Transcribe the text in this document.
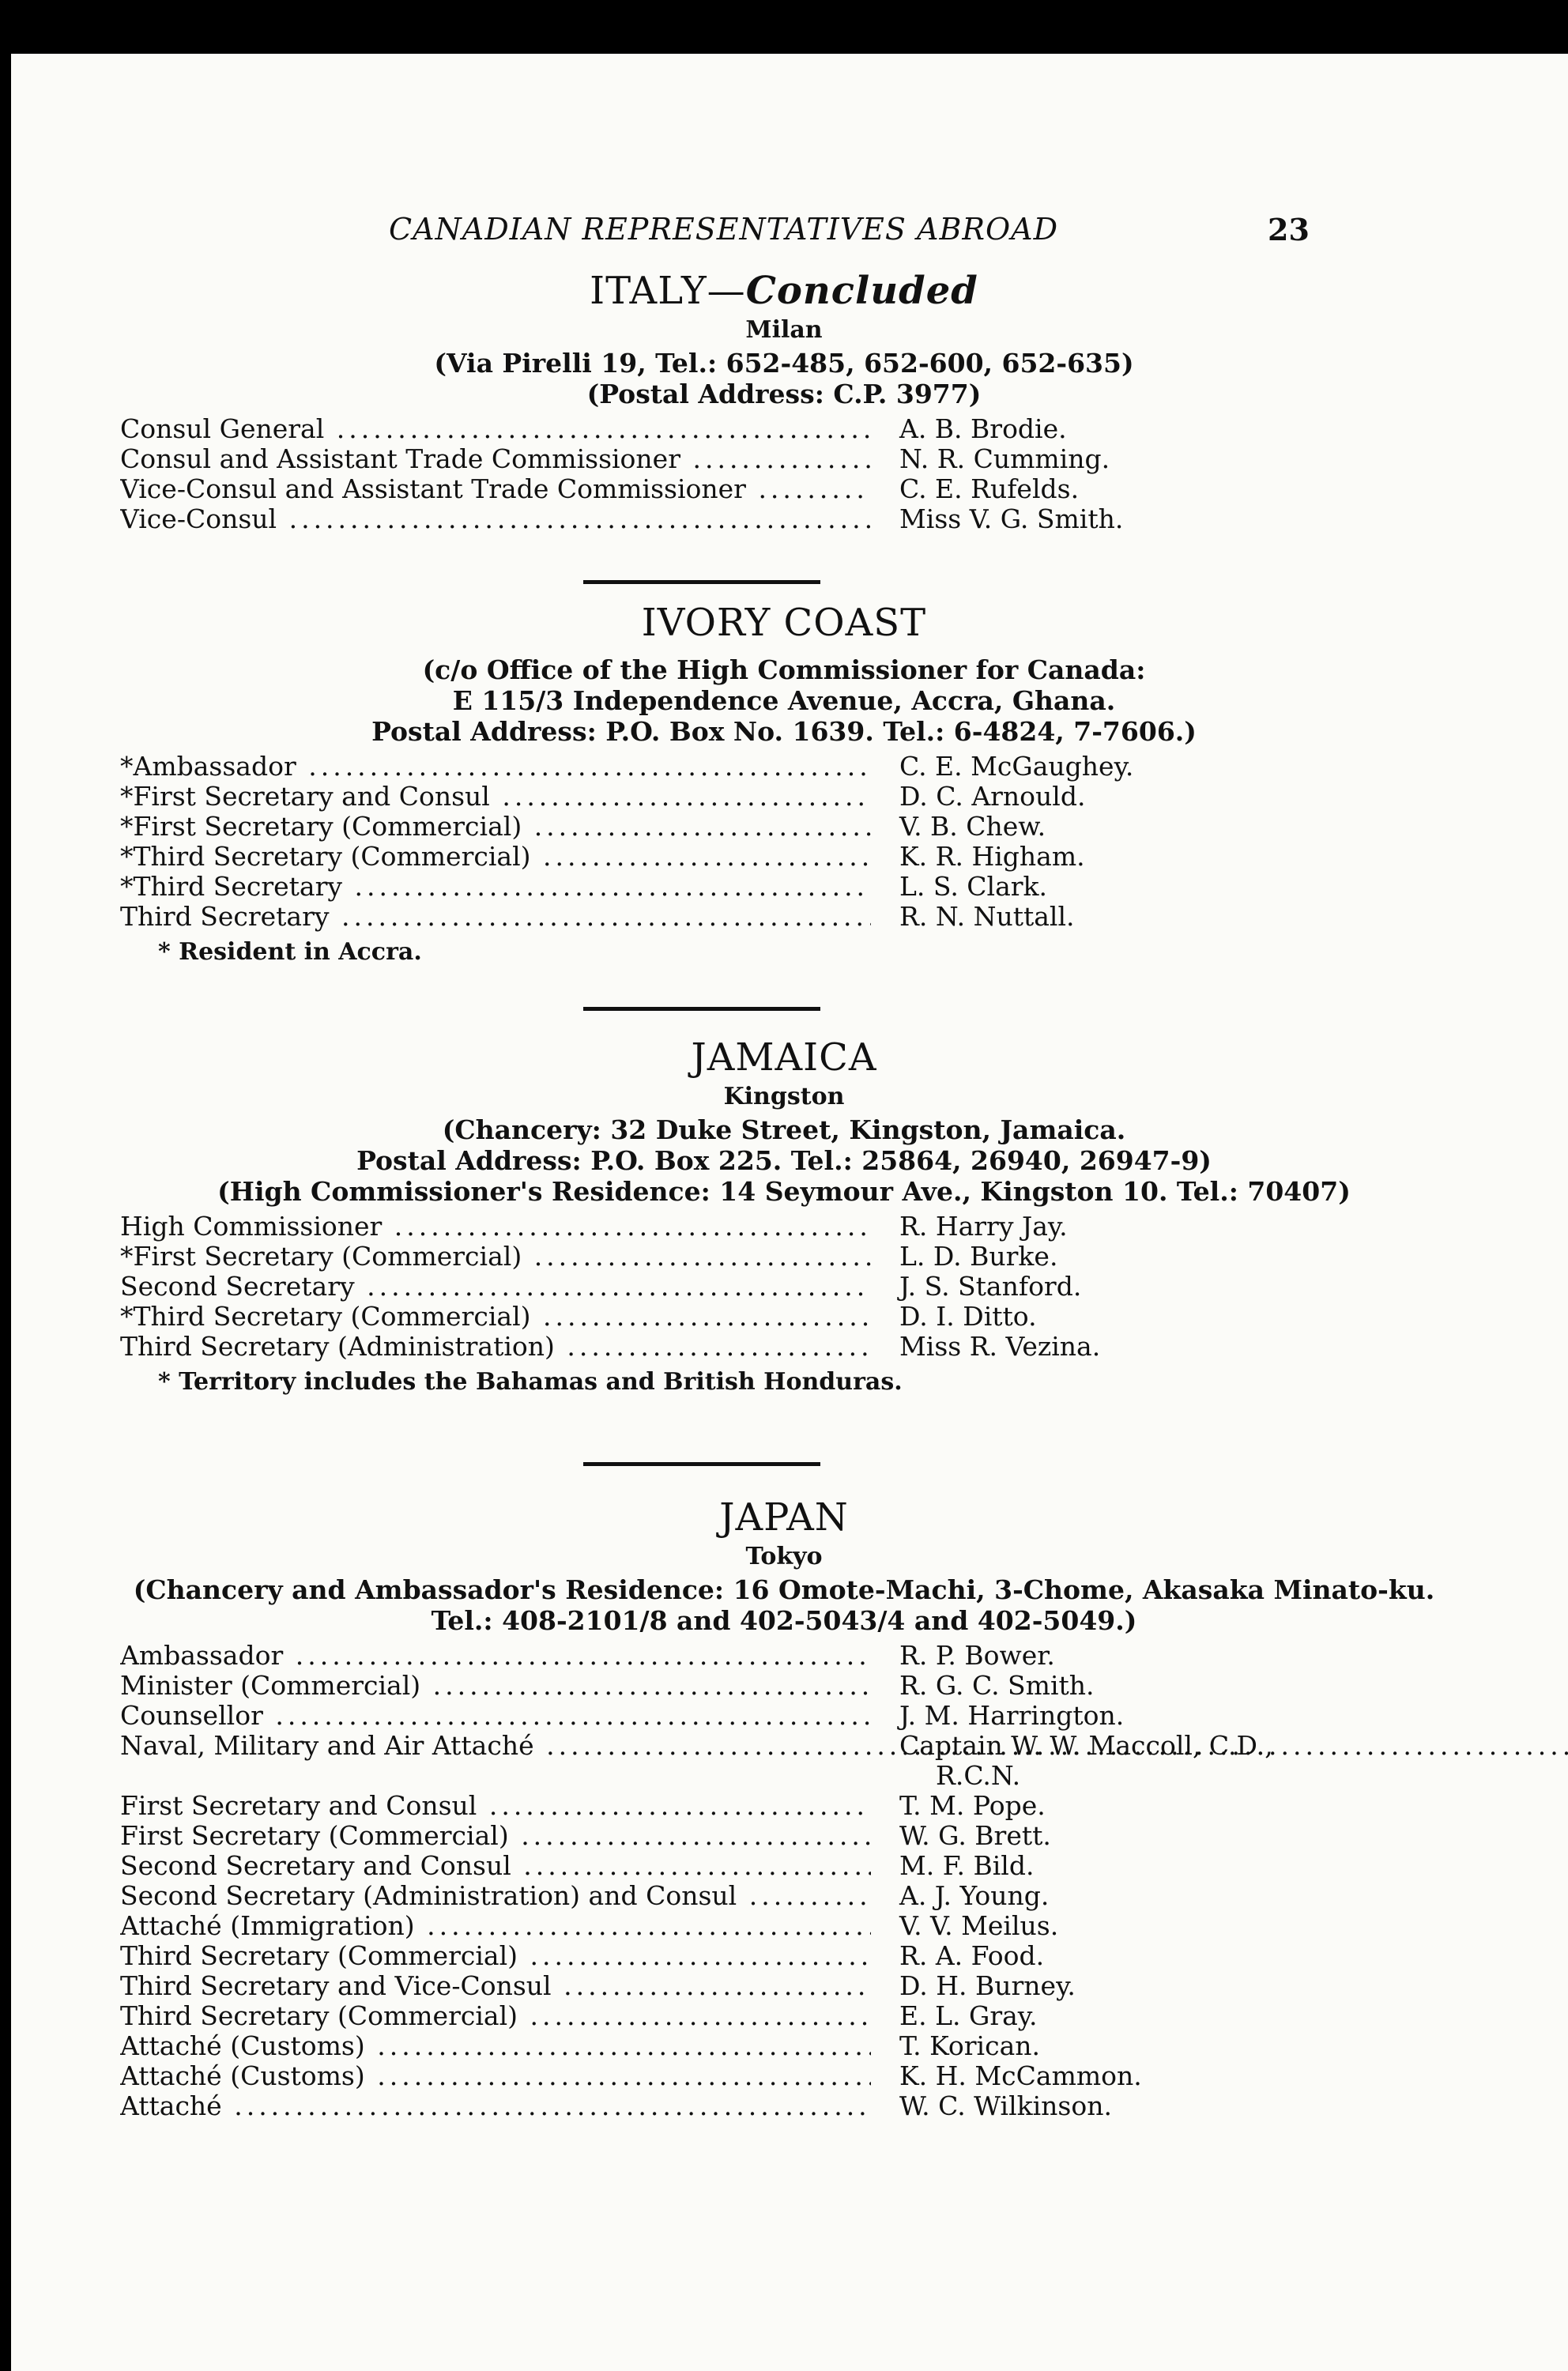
CANADIAN REPRESENTATIVES ABROAD	23
ITALY—Concluded
Milan
(Via Pirelli 19, Tel.: 652-485, 652-600, 652-635)
(Postal Address: C.P. 3977)
Consul General .....	A. B. Brodie.
Consul and Assistant Trade Commissioner .....	N. R. Cumming.
Vice-Consul and Assistant Trade Commissioner .....	C. E. Rufelds.
Vice-Consul .....	Miss V. G. Smith.
IVORY COAST
(c/o Office of the High Commissioner for Canada:
E 115/3 Independence Avenue, Accra, Ghana.
Postal Address: P.O. Box No. 1639. Tel.: 6-4824, 7-7606.)
*Ambassador .....	C. E. McGaughey.
*First Secretary and Consul .....	D. C. Arnould.
*First Secretary (Commercial) .....	V. B. Chew.
*Third Secretary (Commercial) .....	K. R. Higham.
*Third Secretary .....	L. S. Clark.
Third Secretary .....	R. N. Nuttall.
* Resident in Accra.
JAMAICA
Kingston
(Chancery: 32 Duke Street, Kingston, Jamaica.
Postal Address: P.O. Box 225. Tel.: 25864, 26940, 26947-9)
(High Commissioner's Residence: 14 Seymour Ave., Kingston 10. Tel.: 70407)
High Commissioner .....	R. Harry Jay.
*First Secretary (Commercial) .....	L. D. Burke.
Second Secretary .....	J. S. Stanford.
*Third Secretary (Commercial) .....	D. I. Ditto.
Third Secretary (Administration) .....	Miss R. Vezina.
* Territory includes the Bahamas and British Honduras.
JAPAN
Tokyo
(Chancery and Ambassador's Residence: 16 Omote-Machi, 3-Chome, Akasaka Minato-ku.
Tel.: 408-2101/8 and 402-5043/4 and 402-5049.)
Ambassador .....	R. P. Bower.
Minister (Commercial) .....	R. G. C. Smith.
Counsellor .....	J. M. Harrington.
Naval, Military and Air Attaché .....	Captain W. W. Maccoll, C.D.,
R.C.N.
First Secretary and Consul .....	T. M. Pope.
First Secretary (Commercial) .....	W. G. Brett.
Second Secretary and Consul .....	M. F. Bild.
Second Secretary (Administration) and Consul .....	A. J. Young.
Attaché (Immigration) .....	V. V. Meilus.
Third Secretary (Commercial) .....	R. A. Food.
Third Secretary and Vice-Consul .....	D. H. Burney.
Third Secretary (Commercial) .....	E. L. Gray.
Attaché (Customs) .....	T. Korican.
Attaché (Customs) .....	K. H. McCammon.
Attaché .....	W. C. Wilkinson.
